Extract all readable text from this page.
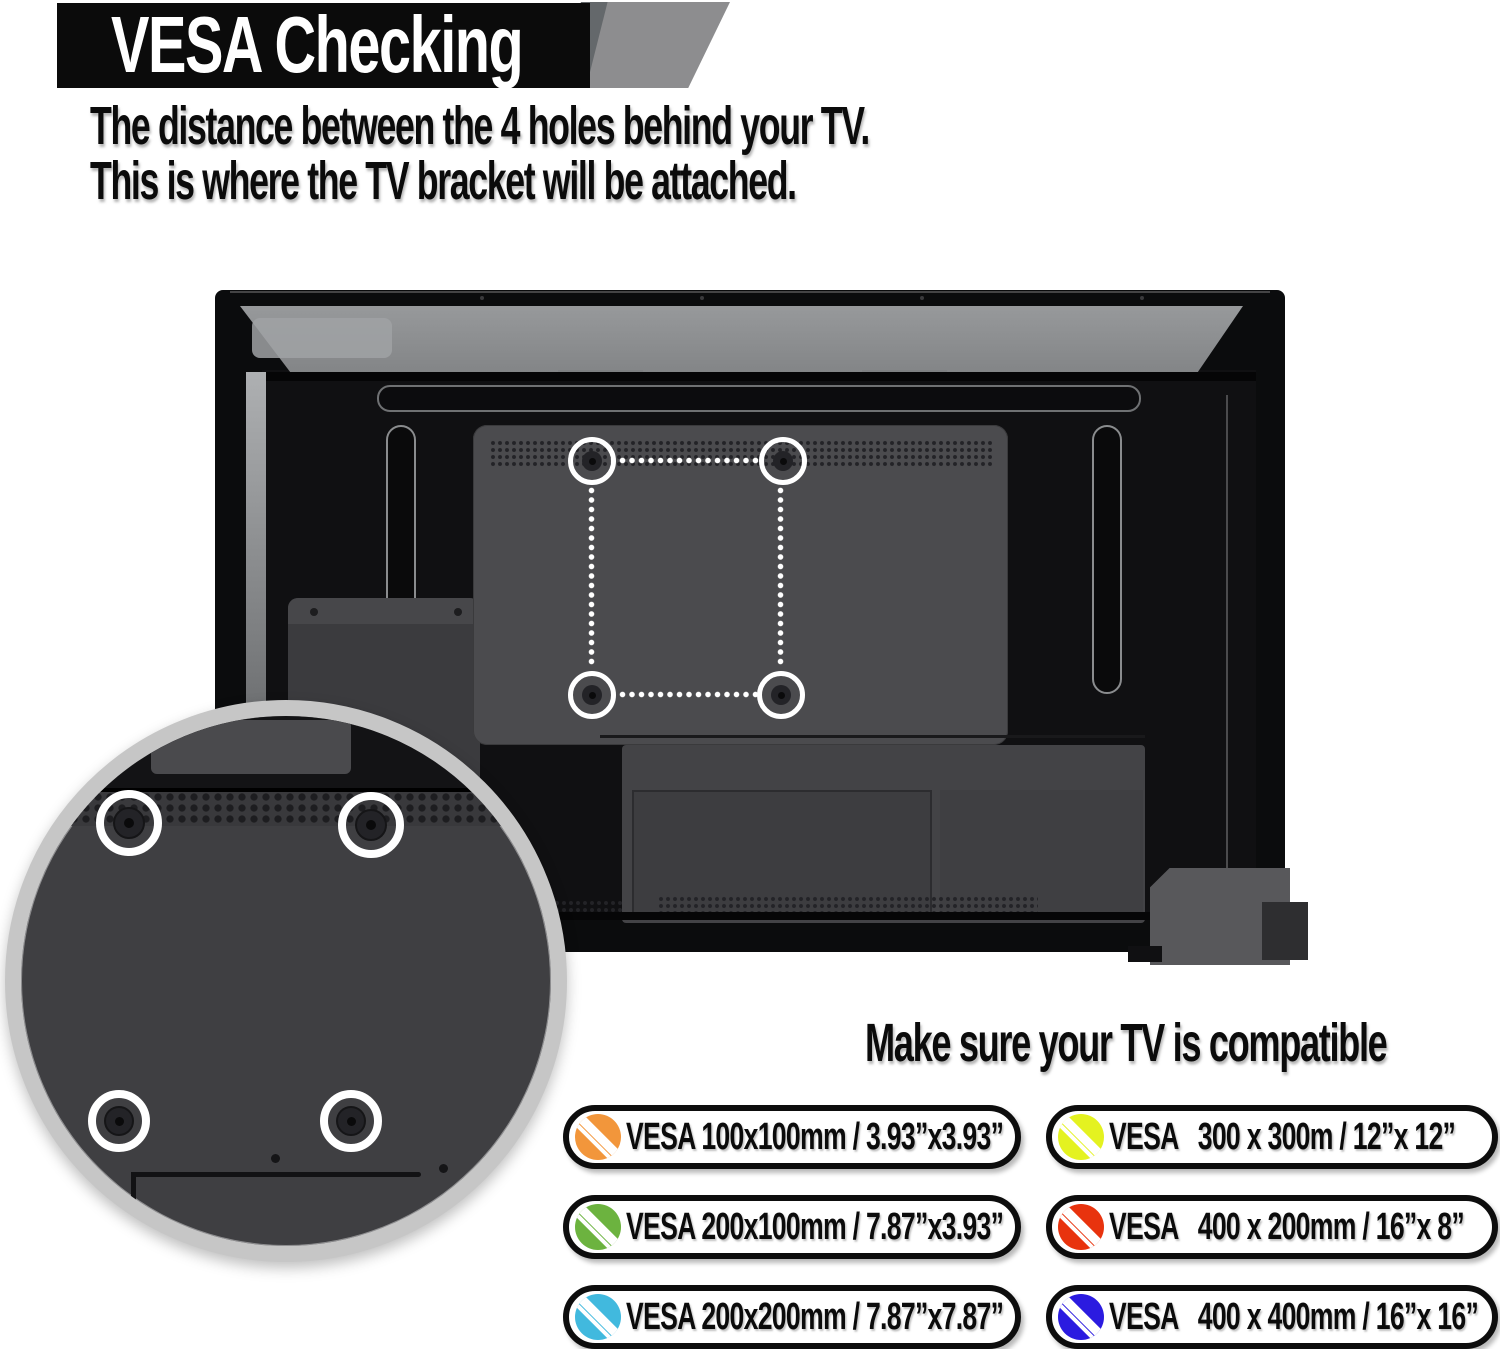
VESA Checking
The distance between the 4 holes behind your TV.
This is where the TV bracket will be attached.
Make sure your TV is compatible
VESA 100x100mm / 3.93”x3.93”
VESA 200x100mm / 7.87”x3.93”
VESA 200x200mm / 7.87”x7.87”
VESA   300 x 300m / 12”x 12”
VESA   400 x 200mm / 16”x 8”
VESA   400 x 400mm / 16”x 16”
